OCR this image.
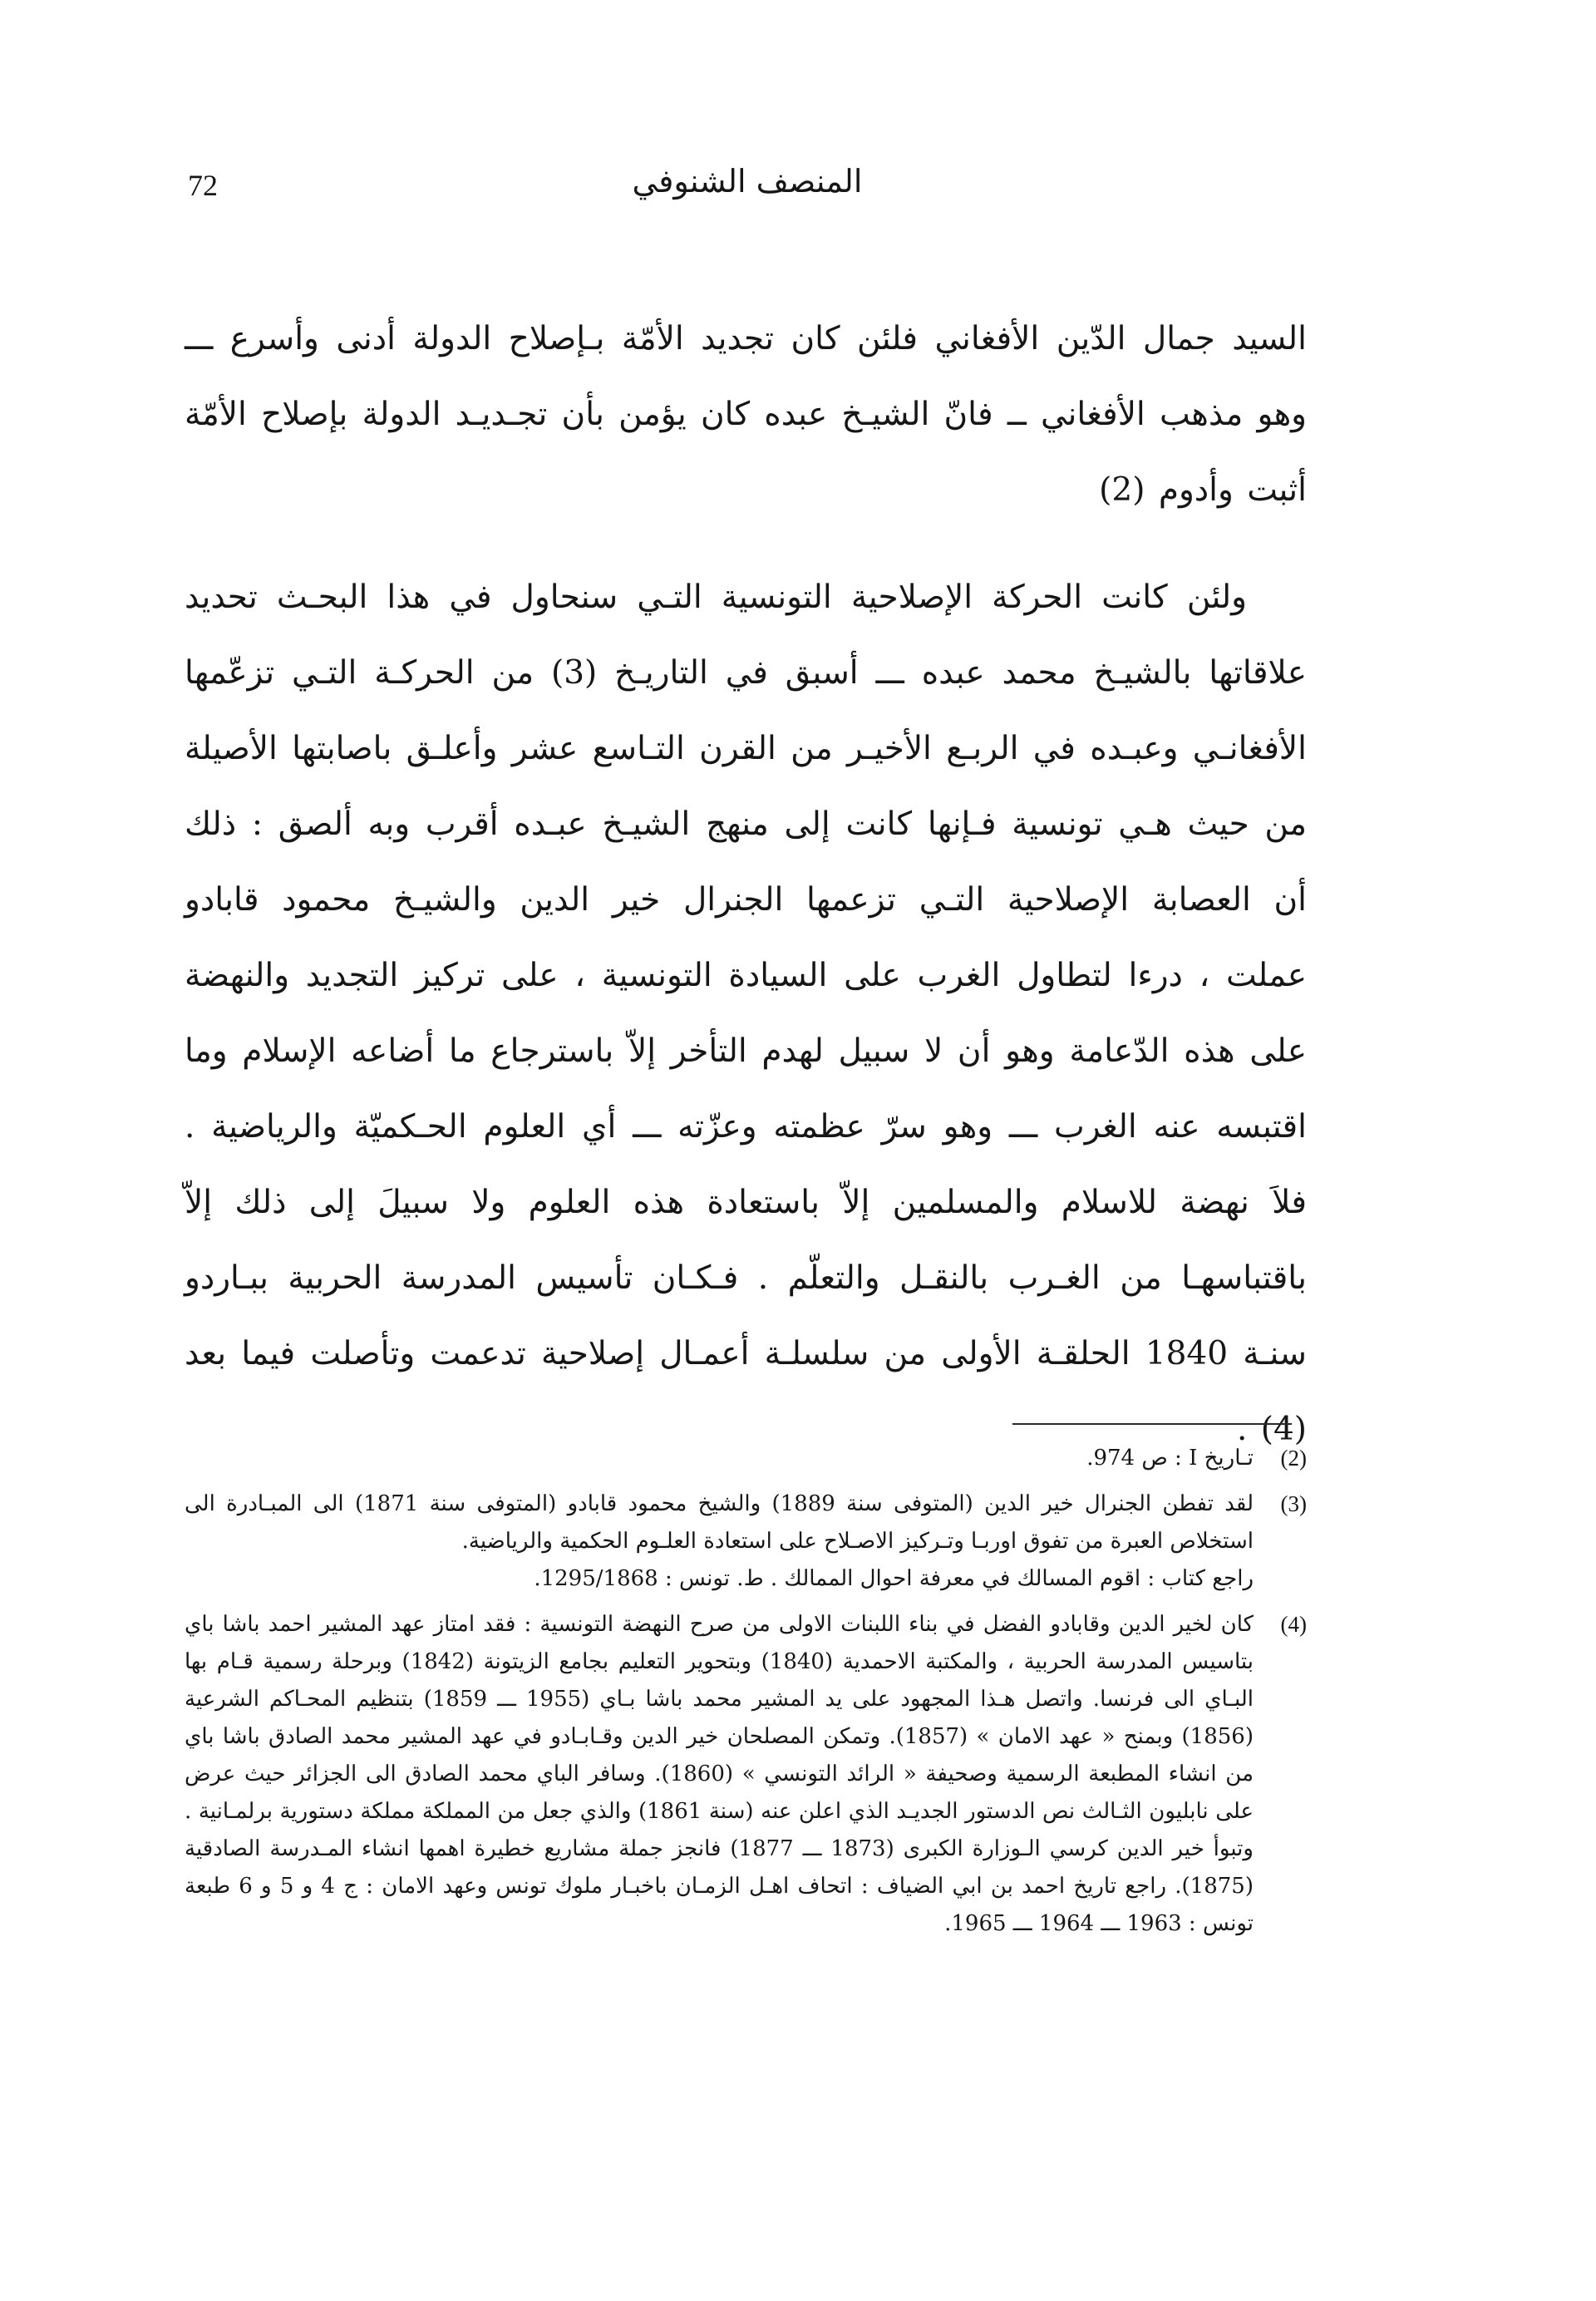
72	المنصف الشنوفي

السيد جمال الدّين الأفغاني فلئن كان تجديد الأمّة بـإصلاح الدولة أدنى وأسرع ـــ وهو مذهب الأفغاني ــ فانّ الشيـخ عبده كان يؤمن بأن تجـديـد الدولة بإصلاح الأمّة أثبت وأدوم (2)

ولئن كانت الحركة الإصلاحية التونسية التـي سنحاول في هذا البحـث تحديد علاقاتها بالشيـخ محمد عبده ـــ أسبق في التاريـخ (3) من الحركـة التـي تزعّمها الأفغانـي وعبـده في الربـع الأخيـر من القرن التـاسع عشر وأعلـق باصابتها الأصيلة من حيث هـي تونسية فـإنها كانت إلى منهج الشيـخ عبـده أقرب وبه ألصق : ذلك أن العصابة الإصلاحية التـي تزعمها الجنرال خير الدين والشيـخ محمود قابادو عملت ، درءا لتطاول الغرب على السيادة التونسية ، على تركيز التجديد والنهضة على هذه الدّعامة وهو أن لا سبيل لهدم التأخر إلاّ باسترجاع ما أضاعه الإسلام وما اقتبسه عنه الغرب ـــ وهو سرّ عظمته وعزّته ـــ أي العلوم الحـكميّة والرياضية . فلاَ نهضة للاسلام والمسلمين إلاّ باستعادة هذه العلوم ولا سبيلَ إلى ذلك إلاّ باقتباسهـا من الغـرب بالنقـل والتعلّم . فـكـان تأسيس المدرسة الحربية ببـاردو سنـة 1840 الحلقـة الأولى من سلسلـة أعمـال إصلاحية تدعمت وتأصلت فيما بعد (4) .

(2)

تـاريخ I : ص 974.

(3)

لقد تفطن الجنرال خير الدين (المتوفى سنة 1889) والشيخ محمود قابادو (المتوفى سنة 1871) الى المبـادرة الى استخلاص العبرة من تفوق اوربـا وتـركيز الاصـلاح على استعادة العلـوم الحكمية والرياضية.

راجع كتاب : اقوم المسالك في معرفة احوال الممالك . ط. تونس : 1295/1868.

(4)

كان لخير الدين وقابادو الفضل في بناء اللبنات الاولى من صرح النهضة التونسية : فقد امتاز عهد المشير احمد باشا باي بتاسيس المدرسة الحربية ، والمكتبة الاحمدية (1840) وبتحوير التعليم بجامع الزيتونة (1842) وبرحلة رسمية قـام بها البـاي الى فرنسا. واتصل هـذا المجهود على يد المشير محمد باشا بـاي (1955 ـــ 1859) بتنظيم المحـاكم الشرعية (1856) وبمنح « عهد الامان » (1857). وتمكن المصلحان خير الدين وقـابـادو في عهد المشير محمد الصادق باشا باي من انشاء المطبعة الرسمية وصحيفة « الرائد التونسي » (1860). وسافر الباي محمد الصادق الى الجزائر حيث عرض على نابليون الثـالث نص الدستور الجديـد الذي اعلن عنه (سنة 1861) والذي جعل من المملكة مملكة دستورية برلمـانية . وتبوأ خير الدين كرسي الـوزارة الكبرى (1873 ـــ 1877) فانجز جملة مشاريع خطيرة اهمها انشاء المـدرسة الصادقية (1875). راجع تاريخ احمد بن ابي الضياف : اتحاف اهـل الزمـان باخبـار ملوك تونس وعهد الامان : ج 4 و 5 و 6 طبعة تونس : 1963 ـــ 1964 ـــ 1965.
